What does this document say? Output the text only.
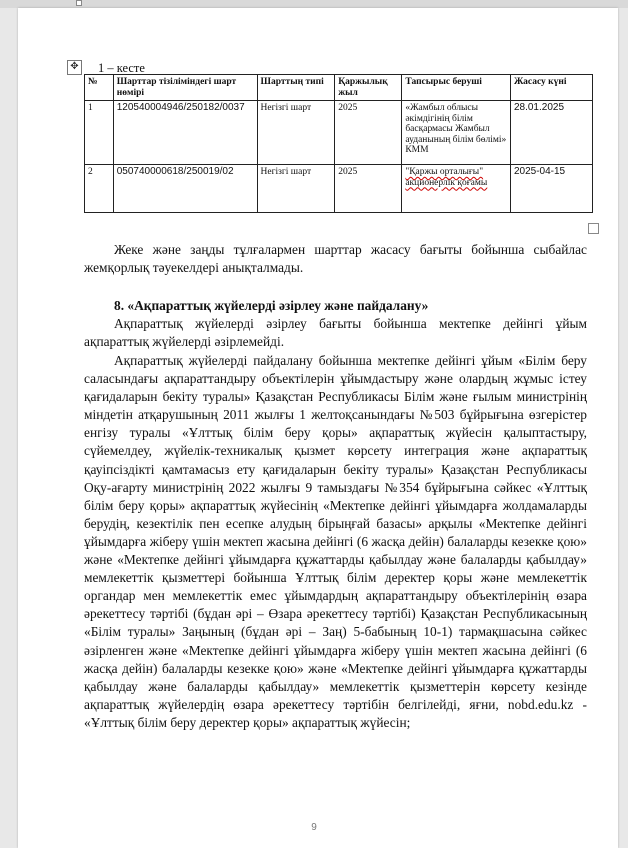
✥ 1 – кесте
№	Шарттар тізіліміндегі шарт нөмірі	Шарттың типі	Қаржылық жыл	Тапсырыс беруші	Жасасу күні
1	12054000494​6/250182/0037	Негізгі шарт	2025	«Жамбыл облысы әкімдігінің білім басқармасы Жамбыл ауданының білім бөлімі» КММ	28.01.2025
2	050740000618/250019/02	Негізгі шарт	2025	"Қаржы орталығы" акционерлік қоғамы	2025-04-15
Жеке және заңды тұлғалармен шарттар жасасу бағыты бойынша сыбайлас жемқорлық тәуекелдері анықталмады.
8. «Ақпараттық жүйелерді әзірлеу және пайдалану»
Ақпараттық жүйелерді әзірлеу бағыты бойынша мектепке дейінгі ұйым ақпараттық жүйелерді әзірлемейді.
Ақпараттық жүйелерді пайдалану бойынша мектепке дейінгі ұйым «Білім беру саласындағы ақпараттандыру объектілерін ұйымдастыру және олардың жұмыс істеу қағидаларын бекіту туралы» Қазақстан Республикасы Білім және ғылым министрінің міндетін атқарушының 2011 жылғы 1 желтоқсанындағы №503 бұйрығына өзгерістер енгізу туралы «Ұлттық білім беру қоры» ақпараттық жүйесін қалыптастыру, сүйемелдеу, жүйелік-техникалық қызмет көрсету интеграция және ақпараттық қауіпсіздікті қамтамасыз ету қағидаларын бекіту туралы» Қазақстан Республикасы Оқу-ағарту министрінің 2022 жылғы 9 тамыздағы №354 бұйрығына сәйкес «Ұлттық білім беру қоры» ақпараттық жүйесінің «Мектепке дейінгі ұйымдарға жолдамаларды берудің, кезектілік пен есепке алудың бірыңғай базасы» арқылы «Мектепке дейінгі ұйымдарға жіберу үшін мектеп жасына дейінгі (6 жасқа дейін) балаларды кезекке қою» және «Мектепке дейінгі ұйымдарға құжаттарды қабылдау және балаларды қабылдау» мемлекеттік қызметтері бойынша Ұлттық білім деректер қоры және мемлекеттік органдар мен мемлекеттік емес ұйымдардың ақпараттандыру объектілерінің өзара әрекеттесу тәртібі (бұдан әрі – Өзара әрекеттесу тәртібі) Қазақстан Республикасының «Білім туралы» Заңының (бұдан әрі – Заң) 5-бабының 10-1) тармақшасына сәйкес әзірленген және «Мектепке дейінгі ұйымдарға жіберу үшін мектеп жасына дейінгі (6 жасқа дейін) балаларды кезекке қою» және «Мектепке дейінгі ұйымдарға құжаттарды қабылдау және балаларды қабылдау» мемлекеттік қызметтерін көрсету кезінде ақпараттық жүйелердің өзара әрекеттесу тәртібін белгілейді, яғни, nobd.edu.kz - «Ұлттық білім беру деректер қоры» ақпараттық жүйесін;
9
